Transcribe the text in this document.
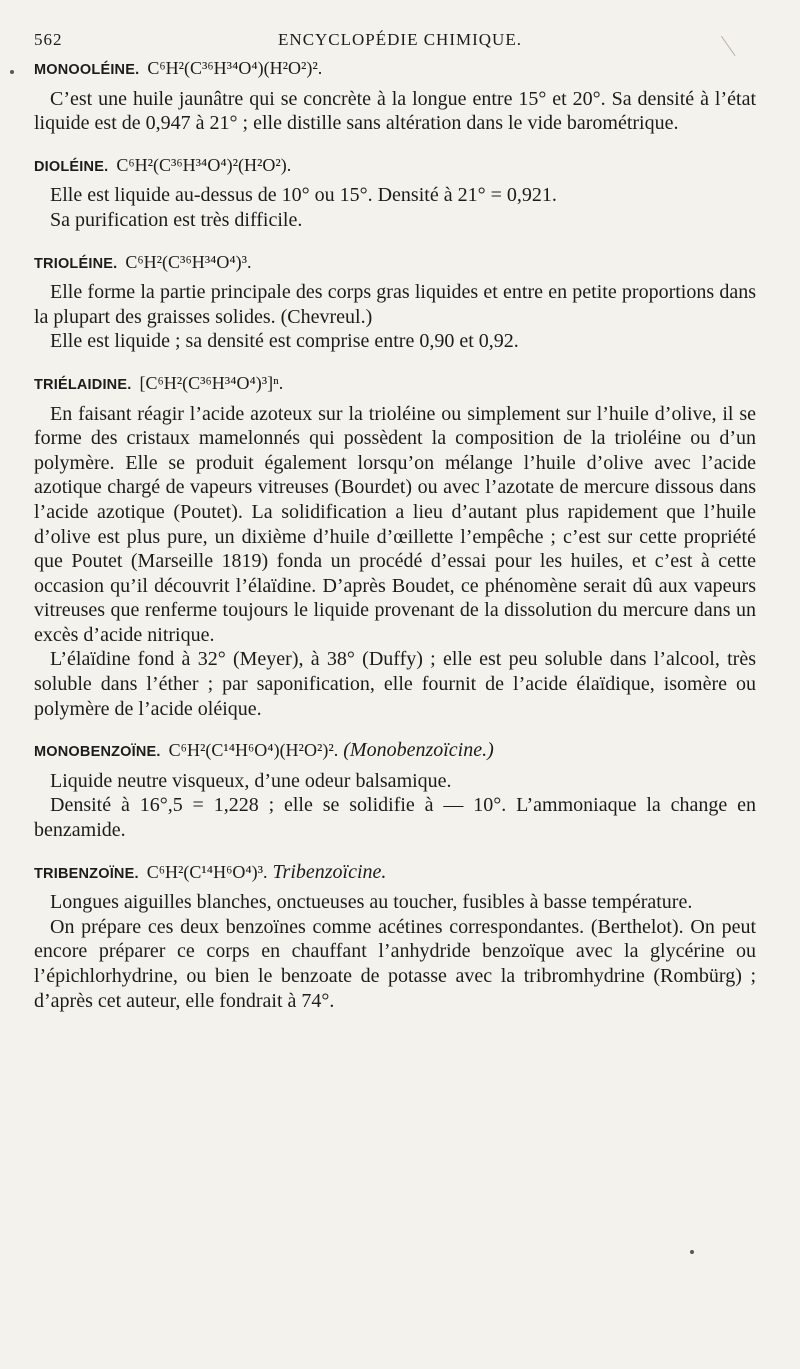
562	ENCYCLOPÉDIE CHIMIQUE.
MONOOLÉINE. C⁶H²(C³⁶H³⁴O⁴)(H²O²)².

C’est une huile jaunâtre qui se concrète à la longue entre 15° et 20°. Sa densité à l’état liquide est de 0,947 à 21° ; elle distille sans altération dans le vide barométrique.

DIOLÉINE. C⁶H²(C³⁶H³⁴O⁴)²(H²O²).

Elle est liquide au-dessus de 10° ou 15°. Densité à 21° = 0,921.

Sa purification est très difficile.

TRIOLÉINE. C⁶H²(C³⁶H³⁴O⁴)³.

Elle forme la partie principale des corps gras liquides et entre en petite proportions dans la plupart des graisses solides. (Chevreul.)

Elle est liquide ; sa densité est comprise entre 0,90 et 0,92.

TRIÉLAIDINE. [C⁶H²(C³⁶H³⁴O⁴)³]ⁿ.

En faisant réagir l’acide azoteux sur la trioléine ou simplement sur l’huile d’olive, il se forme des cristaux mamelonnés qui possèdent la composition de la trioléine ou d’un polymère. Elle se produit également lorsqu’on mélange l’huile d’olive avec l’acide azotique chargé de vapeurs vitreuses (Bourdet) ou avec l’azotate de mercure dissous dans l’acide azotique (Poutet). La solidification a lieu d’autant plus rapidement que l’huile d’olive est plus pure, un dixième d’huile d’œillette l’empêche ; c’est sur cette propriété que Poutet (Marseille 1819) fonda un procédé d’essai pour les huiles, et c’est à cette occasion qu’il découvrit l’élaïdine. D’après Boudet, ce phénomène serait dû aux vapeurs vitreuses que renferme toujours le liquide provenant de la dissolution du mercure dans un excès d’acide nitrique.

L’élaïdine fond à 32° (Meyer), à 38° (Duffy) ; elle est peu soluble dans l’alcool, très soluble dans l’éther ; par saponification, elle fournit de l’acide élaïdique, isomère ou polymère de l’acide oléique.

MONOBENZOÏNE. C⁶H²(C¹⁴H⁶O⁴)(H²O²)². (Monobenzoïcine.)

Liquide neutre visqueux, d’une odeur balsamique.

Densité à 16°,5 = 1,228 ; elle se solidifie à — 10°. L’ammoniaque la change en benzamide.

TRIBENZOÏNE. C⁶H²(C¹⁴H⁶O⁴)³. Tribenzoïcine.

Longues aiguilles blanches, onctueuses au toucher, fusibles à basse température.

On prépare ces deux benzoïnes comme acétines correspondantes. (Berthelot). On peut encore préparer ce corps en chauffant l’anhydride benzoïque avec la glycérine ou l’épichlorhydrine, ou bien le benzoate de potasse avec la tribromhydrine (Rombürg) ; d’après cet auteur, elle fondrait à 74°.
